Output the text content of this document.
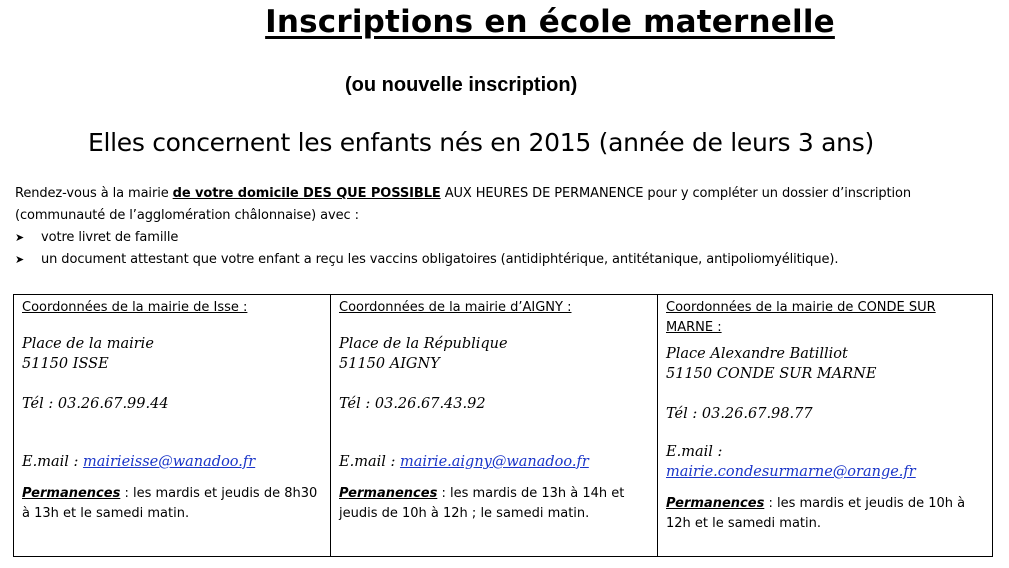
Inscriptions en école maternelle
(ou nouvelle inscription)
Elles concernent les enfants nés en 2015 (année de leurs 3 ans)
Rendez-vous à la mairie de votre domicile DES QUE POSSIBLE AUX HEURES DE PERMANENCE pour y compléter un dossier d’inscription
(communauté de l’agglomération châlonnaise) avec :
➤	votre livret de famille
➤	un document attestant que votre enfant a reçu les vaccins obligatoires (antidiphtérique, antitétanique, antipoliomyélitique).
Coordonnées de la mairie de Isse :
Place de la mairie
51150 ISSE
Tél : 03.26.67.99.44
E.mail : mairieisse@wanadoo.fr
Permanences : les mardis et jeudis de 8h30 à 13h et le samedi matin.

Coordonnées de la mairie d’AIGNY :
Place de la République
51150 AIGNY
Tél : 03.26.67.43.92
E.mail : mairie.aigny@wanadoo.fr
Permanences : les mardis de 13h à 14h et jeudis de 10h à 12h ; le samedi matin.

Coordonnées de la mairie de CONDE SUR MARNE :
Place Alexandre Batilliot
51150 CONDE SUR MARNE
Tél : 03.26.67.98.77
E.mail :
mairie.condesurmarne@orange.fr
Permanences : les mardis et jeudis de 10h à 12h et le samedi matin.
